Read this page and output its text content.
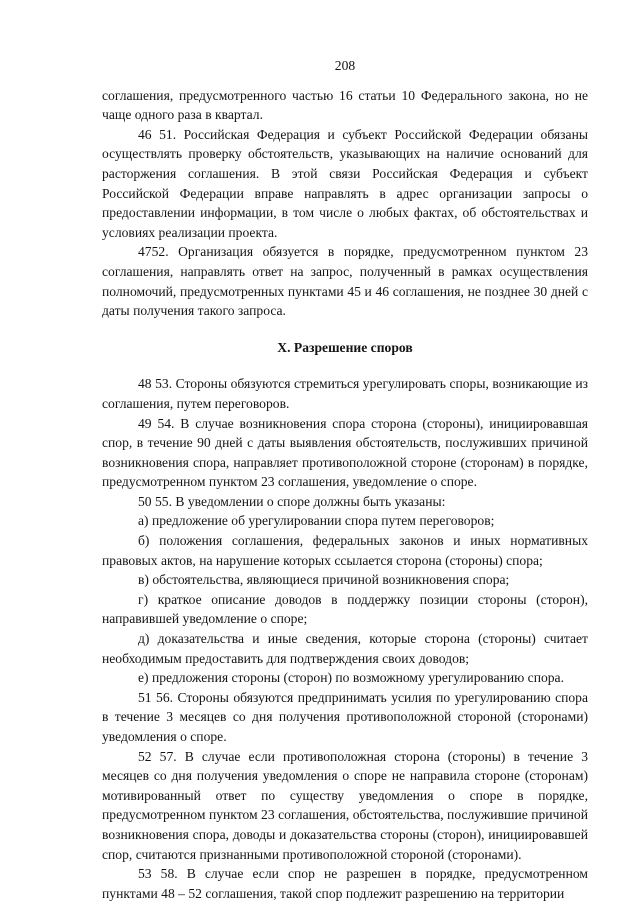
208

соглашения, предусмотренного частью 16 статьи 10 Федерального закона, но не чаще одного раза в квартал.

46 51. Российская Федерация и субъект Российской Федерации обязаны осуществлять проверку обстоятельств, указывающих на наличие оснований для расторжения соглашения. В этой связи Российская Федерация и субъект Российской Федерации вправе направлять в адрес организации запросы о предоставлении информации, в том числе о любых фактах, об обстоятельствах и условиях реализации проекта.

4752. Организация обязуется в порядке, предусмотренном пунктом 23 соглашения, направлять ответ на запрос, полученный в рамках осуществления полномочий, предусмотренных пунктами 45 и 46 соглашения, не позднее 30 дней с даты получения такого запроса.

X. Разрешение споров

48 53. Стороны обязуются стремиться урегулировать споры, возникающие из соглашения, путем переговоров.

49 54. В случае возникновения спора сторона (стороны), инициировавшая спор, в течение 90 дней с даты выявления обстоятельств, послуживших причиной возникновения спора, направляет противоположной стороне (сторонам) в порядке, предусмотренном пунктом 23 соглашения, уведомление о споре.

50 55. В уведомлении о споре должны быть указаны:

а) предложение об урегулировании спора путем переговоров;

б) положения соглашения, федеральных законов и иных нормативных правовых актов, на нарушение которых ссылается сторона (стороны) спора;

в) обстоятельства, являющиеся причиной возникновения спора;

г) краткое описание доводов в поддержку позиции стороны (сторон), направившей уведомление о споре;

д) доказательства и иные сведения, которые сторона (стороны) считает необходимым предоставить для подтверждения своих доводов;

е) предложения стороны (сторон) по возможному урегулированию спора.

51 56. Стороны обязуются предпринимать усилия по урегулированию спора в течение 3 месяцев со дня получения противоположной стороной (сторонами) уведомления о споре.

52 57. В случае если противоположная сторона (стороны) в течение 3 месяцев со дня получения уведомления о споре не направила стороне (сторонам) мотивированный ответ по существу уведомления о споре в порядке, предусмотренном пунктом 23 соглашения, обстоятельства, послужившие причиной возникновения спора, доводы и доказательства стороны (сторон), инициировавшей спор, считаются признанными противоположной стороной (сторонами).

53 58. В случае если спор не разрешен в порядке, предусмотренном пунктами 48 – 52 соглашения, такой спор подлежит разрешению на территории
